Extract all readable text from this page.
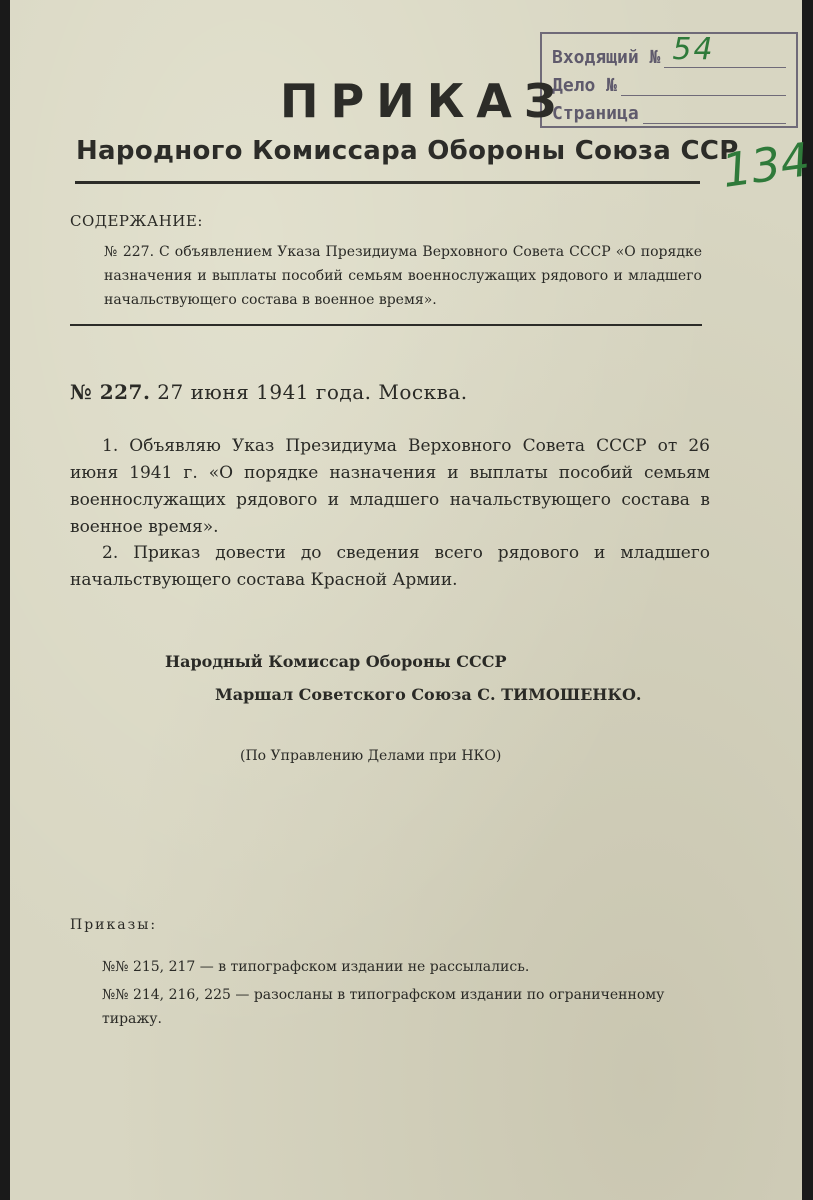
Входящий № 54
Дело №
Страница
134
ПРИКАЗ
Народного Комиссара Обороны Союза ССР
СОДЕРЖАНИЕ:
№ 227. С объявлением Указа Президиума Верховного Совета СССР «О порядке назначения и выплаты пособий семьям военнослужащих рядового и младшего начальствующего состава в военное время».
№ 227. 27 июня 1941 года. Москва.
1. Объявляю Указ Президиума Верховного Совета СССР от 26 июня 1941 г. «О порядке назначения и выплаты пособий семьям военнослужащих рядового и младшего начальствующего состава в военное время».
2. Приказ довести до сведения всего рядового и младшего начальствующего состава Красной Армии.
Народный Комиссар Обороны СССР
Маршал Советского Союза С. ТИМОШЕНКО.
(По Управлению Делами при НКО)
Приказы:
№№ 215, 217 — в типографском издании не рассылались.
№№ 214, 216, 225 — разосланы в типографском издании по ограниченному тиражу.
